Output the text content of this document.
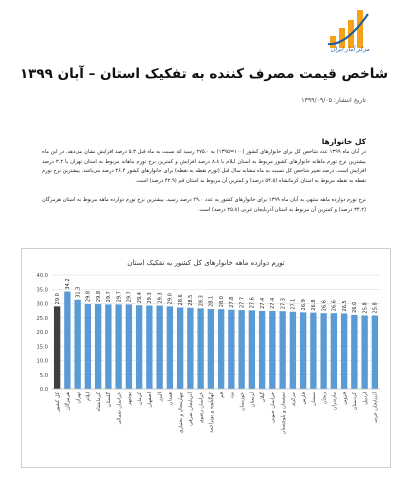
مرکز آمار ایران
شاخص قیمت مصرف کننده به تفکیک استان – آبان ۱۳۹۹
تاریخ انتشار: ۱۳۹۹/۰۹/۰۵
کل خانوارها
در آبان ماه ۱۳۹۹ عدد شاخص کل برای خانوارهای کشور (۱۰۰=۱۳۹۵) به ۲۷۵.۰ رسید که نسبت به ماه قبل ۵.۳ درصد افزایش نشان می‌دهد. در این ماه بیشترین نرخ تورم ماهانه خانوارهای کشور مربوط به استان ایلام با ۸.۸ درصد افزایش و کمترین نرخ تورم ماهانه مربوط به استان تهران با ۳.۲ درصد افزایش است. درصد تغییر شاخص کل نسبت به ماه مشابه سال قبل (تورم نقطه به نقطه) برای خانوارهای کشور ۴۶.۴ درصد می‌باشد. بیشترین نرخ تورم نقطه به نقطه مربوط به استان کرمانشاه (۵۴.۵ درصد) و کمترین آن مربوط به استان قم (۴۲.۹ درصد) است.
نرخ تورم دوازده ماهه منتهی به آبان ماه ۱۳۹۹ برای خانوارهای کشور به عدد ۲۹.۰ درصد رسید. بیشترین نرخ تورم دوازده ماهه مربوط به استان هرمزگان (۳۴.۲ درصد) و کمترین آن مربوط به استان آذربایجان غربی (۲۵.۸ درصد) است.
تورم دوازده ماهه خانوارهای کل کشور به تفکیک استان
0.0
5.0
10.0
15.0
20.0
25.0
30.0
35.0
40.0
29.0
کل کشور
34.2
هرمزگان
31.3
تهران
29.8
ایلام
29.8
کرمانشاه
29.7
گلستان
29.7
خراسان شمالی
29.7
بوشهر
29.4
کرمان
29.3
اصفهان
29.3
البرز
29.0
همدان
28.6
چهارمحال و بختیاری
28.5
آذربایجان شرقی
28.3
خراسان رضوی
28.1
کهگیلویه و بویراحمد
28.0
قم
27.8
یزد
27.7
خوزستان
27.6
لرستان
27.4
گیلان
27.4
خراسان جنوبی
27.3
سیستان و بلوچستان
27.1
مرکزی
26.9
فارس
26.8
سمنان
26.6
زنجان
26.6
مازندران
26.5
قزوین
26.0
کردستان
25.8
اردبیل
25.8
آذربایجان غربی
